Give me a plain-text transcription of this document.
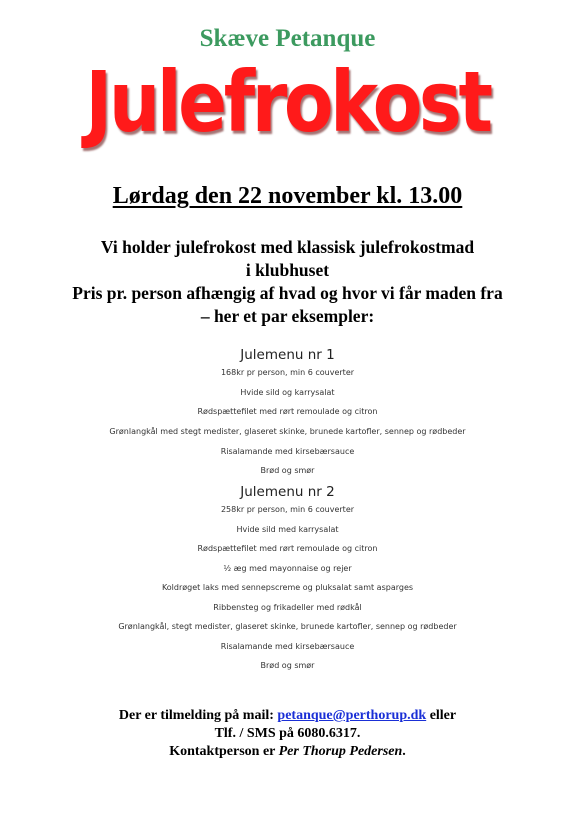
Skæve Petanque
Julefrokost
Lørdag den 22 november kl. 13.00
Vi holder julefrokost med klassisk julefrokostmad
i klubhuset
Pris pr. person afhængig af hvad og hvor vi får maden fra
– her et par eksempler:
Julemenu nr 1
168kr pr person, min 6 couverter
Hvide sild og karrysalat
Rødspættefilet med rørt remoulade og citron
Grønlangkål med stegt medister, glaseret skinke, brunede kartofler, sennep og rødbeder
Risalamande med kirsebærsauce
Brød og smør
Julemenu nr 2
258kr pr person, min 6 couverter
Hvide sild med karrysalat
Rødspættefilet med rørt remoulade og citron
½ æg med mayonnaise og rejer
Koldrøget laks med sennepscreme og pluksalat samt asparges
Ribbensteg og frikadeller med rødkål
Grønlangkål, stegt medister, glaseret skinke, brunede kartofler, sennep og rødbeder
Risalamande med kirsebærsauce
Brød og smør
Der er tilmelding på mail: petanque@perthorup.dk eller
Tlf. / SMS på 6080.6317.
Kontaktperson er Per Thorup Pedersen.
